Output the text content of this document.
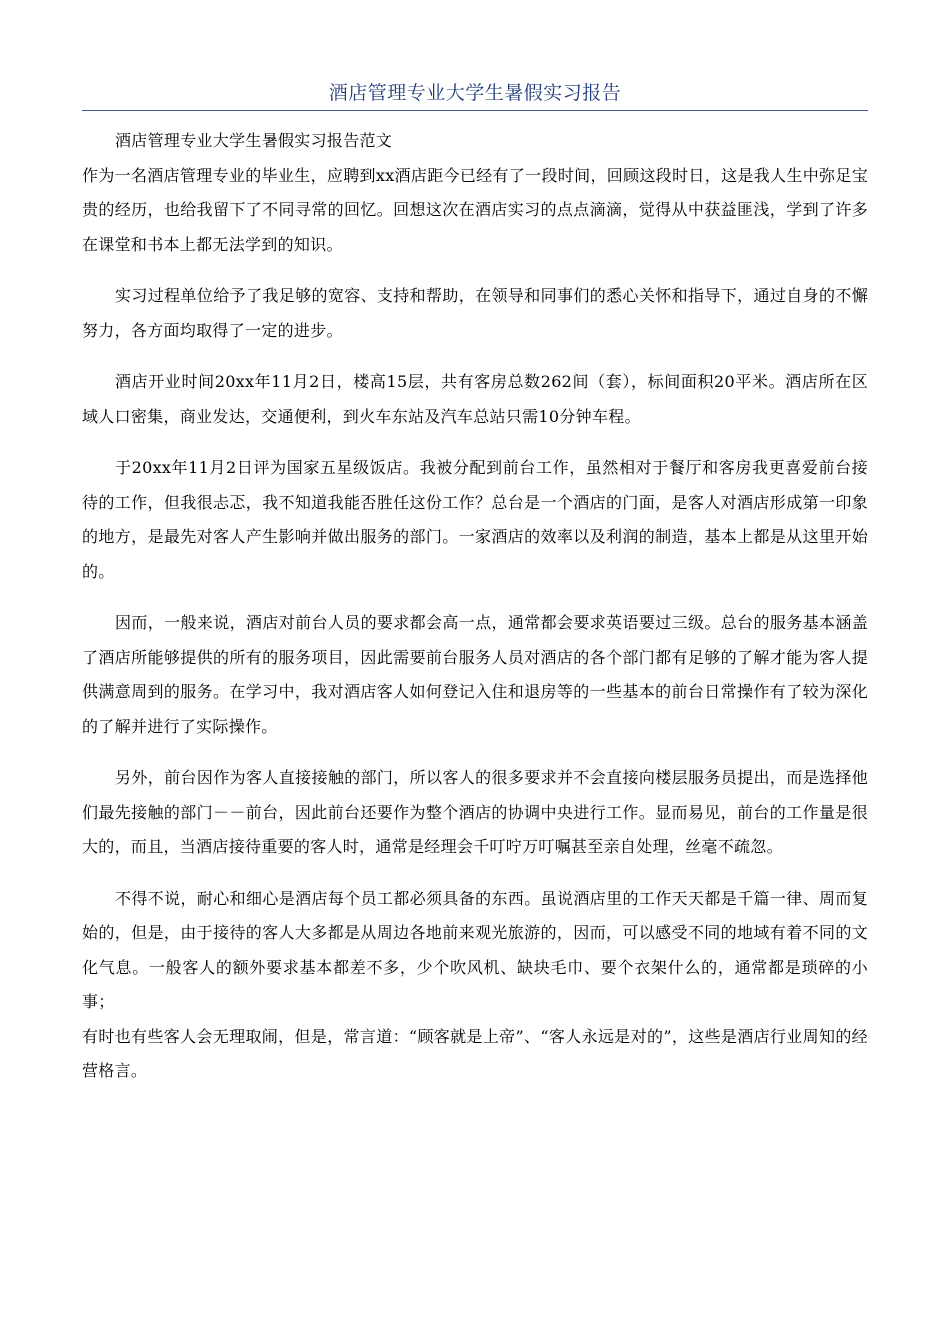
酒店管理专业大学生暑假实习报告

酒店管理专业大学生暑假实习报告范文

作为一名酒店管理专业的毕业生，应聘到xx酒店距今已经有了一段时间，回顾这段时日，这是我人生中弥足宝贵的经历，也给我留下了不同寻常的回忆。回想这次在酒店实习的点点滴滴，觉得从中获益匪浅，学到了许多在课堂和书本上都无法学到的知识。

实习过程单位给予了我足够的宽容、支持和帮助，在领导和同事们的悉心关怀和指导下，通过自身的不懈努力，各方面均取得了一定的进步。

酒店开业时间20xx年11月2日，楼高15层，共有客房总数262间（套），标间面积20平米。酒店所在区域人口密集，商业发达，交通便利，到火车东站及汽车总站只需10分钟车程。

于20xx年11月2日评为国家五星级饭店。我被分配到前台工作，虽然相对于餐厅和客房我更喜爱前台接待的工作，但我很忐忑，我不知道我能否胜任这份工作？总台是一个酒店的门面，是客人对酒店形成第一印象的地方，是最先对客人产生影响并做出服务的部门。一家酒店的效率以及利润的制造，基本上都是从这里开始的。

因而，一般来说，酒店对前台人员的要求都会高一点，通常都会要求英语要过三级。总台的服务基本涵盖了酒店所能够提供的所有的服务项目，因此需要前台服务人员对酒店的各个部门都有足够的了解才能为客人提供满意周到的服务。在学习中，我对酒店客人如何登记入住和退房等的一些基本的前台日常操作有了较为深化的了解并进行了实际操作。

另外，前台因作为客人直接接触的部门，所以客人的很多要求并不会直接向楼层服务员提出，而是选择他们最先接触的部门－－前台，因此前台还要作为整个酒店的协调中央进行工作。显而易见，前台的工作量是很大的，而且，当酒店接待重要的客人时，通常是经理会千叮咛万叮嘱甚至亲自处理，丝毫不疏忽。

不得不说，耐心和细心是酒店每个员工都必须具备的东西。虽说酒店里的工作天天都是千篇一律、周而复始的，但是，由于接待的客人大多都是从周边各地前来观光旅游的，因而，可以感受不同的地域有着不同的文化气息。一般客人的额外要求基本都差不多，少个吹风机、缺块毛巾、要个衣架什么的，通常都是琐碎的小事；

有时也有些客人会无理取闹，但是，常言道：“顾客就是上帝”、“客人永远是对的”，这些是酒店行业周知的经营格言。
